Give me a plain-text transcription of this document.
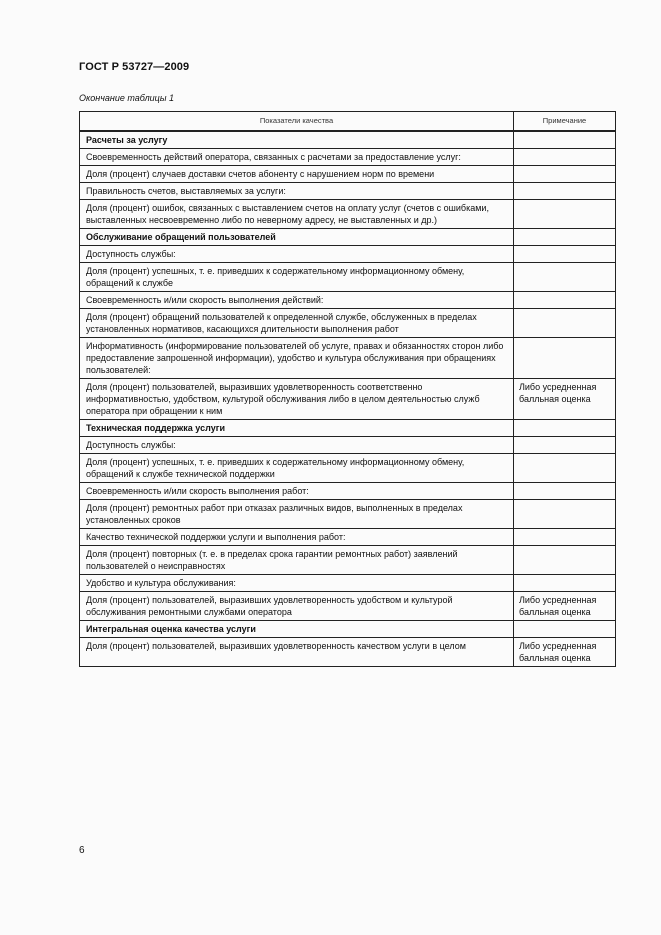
ГОСТ Р 53727—2009
Окончание таблицы 1
Показатели качества	Примечание
Расчеты за услугу	
Своевременность действий оператора, связанных с расчетами за предоставление услуг:	
Доля (процент) случаев доставки счетов абоненту с нарушением норм по времени	
Правильность счетов, выставляемых за услуги:	
Доля (процент) ошибок, связанных с выставлением счетов на оплату услуг (счетов с ошибками, выставленных несвоевременно либо по неверному адресу, не выставленных и др.)	
Обслуживание обращений пользователей	
Доступность службы:	
Доля (процент) успешных, т. е. приведших к содержательному информационному обмену, обращений к службе	
Своевременность и/или скорость выполнения действий:	
Доля (процент) обращений пользователей к определенной службе, обслуженных в пределах установленных нормативов, касающихся длительности выполнения работ	
Информативность (информирование пользователей об услуге, правах и обязанностях сторон либо предоставление запрошенной информации), удобство и культура обслуживания при обращениях пользователей:	
Доля (процент) пользователей, выразивших удовлетворенность соответственно информативностью, удобством, культурой обслуживания либо в целом деятельностью служб оператора при обращении к ним	Либо усредненная балльная оценка
Техническая поддержка услуги	
Доступность службы:	
Доля (процент) успешных, т. е. приведших к содержательному информационному обмену, обращений к службе технической поддержки	
Своевременность и/или скорость выполнения работ:	
Доля (процент) ремонтных работ при отказах различных видов, выполненных в пределах установленных сроков	
Качество технической поддержки услуги и выполнения работ:	
Доля (процент) повторных (т. е. в пределах срока гарантии ремонтных работ) заявлений пользователей о неисправностях	
Удобство и культура обслуживания:	
Доля (процент) пользователей, выразивших удовлетворенность удобством и культурой обслуживания ремонтными службами оператора	Либо усредненная балльная оценка
Интегральная оценка качества услуги	
Доля (процент) пользователей, выразивших удовлетворенность качеством услуги в целом	Либо усредненная балльная оценка
6
